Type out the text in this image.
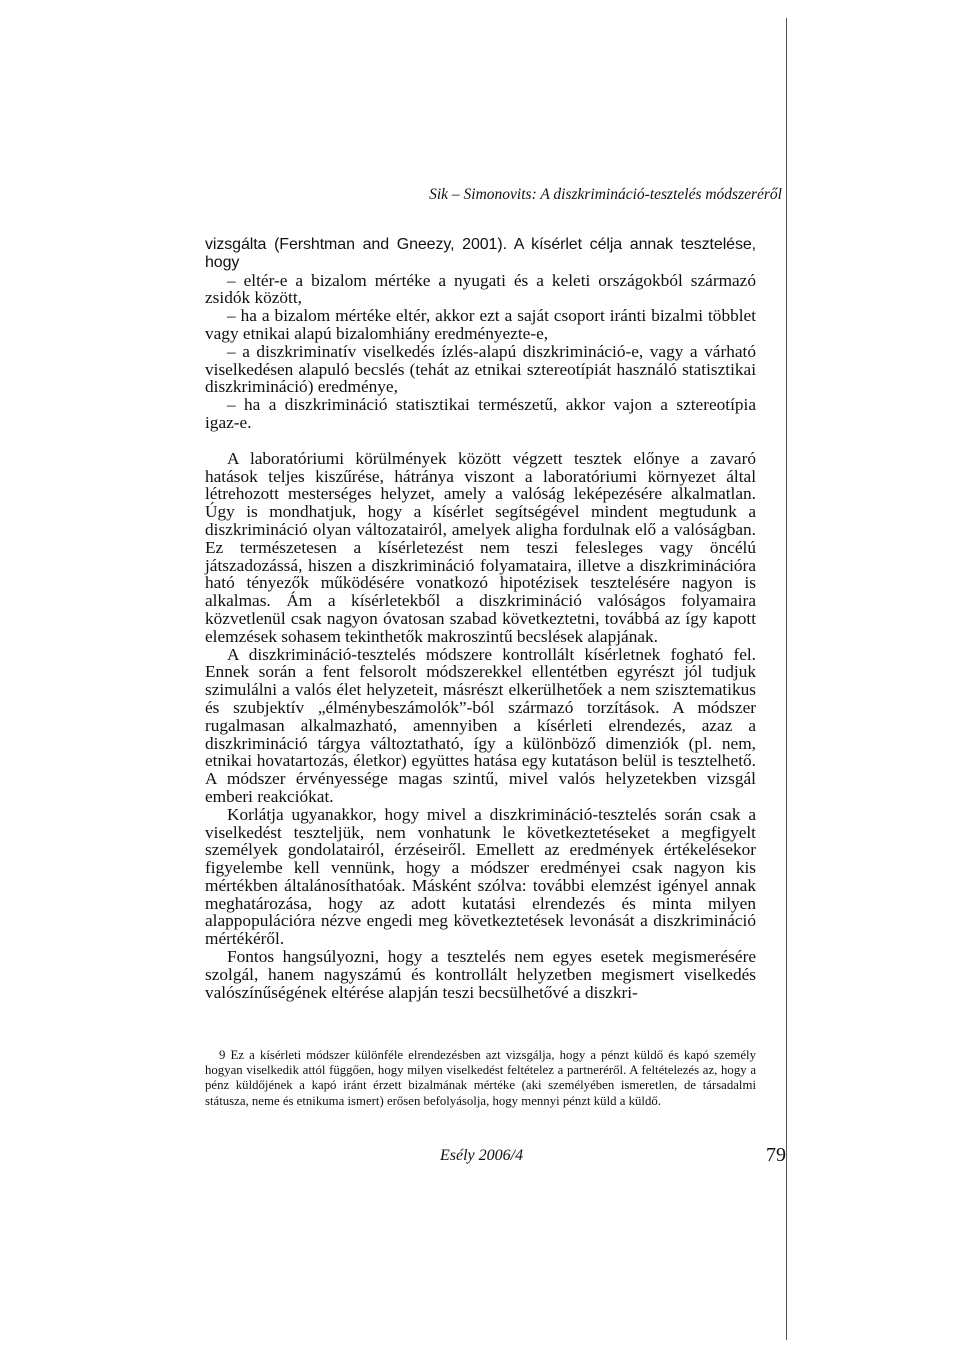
Sik – Simonovits: A diszkrimináció-tesztelés módszeréről

vizsgálta (Fershtman and Gneezy, 2001). A kísérlet célja annak tesztelése, hogy

– eltér-e a bizalom mértéke a nyugati és a keleti országokból származó zsidók között,

– ha a bizalom mértéke eltér, akkor ezt a saját csoport iránti bizalmi többlet vagy etnikai alapú bizalomhiány eredményezte-e,

– a diszkriminatív viselkedés ízlés-alapú diszkrimináció-e, vagy a várható viselkedésen alapuló becslés (tehát az etnikai sztereotípiát használó statisztikai diszkrimináció) eredménye,

– ha a diszkrimináció statisztikai természetű, akkor vajon a sztereotípia igaz-e.

A laboratóriumi körülmények között végzett tesztek előnye a zavaró hatások teljes kiszűrése, hátránya viszont a laboratóriumi környezet által létrehozott mesterséges helyzet, amely a valóság leképezésére alkalmatlan. Úgy is mondhatjuk, hogy a kísérlet segítségével mindent megtudunk a diszkrimináció olyan változatairól, amelyek aligha fordulnak elő a valóságban. Ez természetesen a kísérletezést nem teszi felesleges vagy öncélú játszadozássá, hiszen a diszkrimináció folyamataira, illetve a diszkriminációra ható tényezők működésére vonatkozó hipotézisek tesztelésére nagyon is alkalmas. Ám a kísérletekből a diszkrimináció valóságos folyamaira közvetlenül csak nagyon óvatosan szabad következtetni, továbbá az így kapott elemzések sohasem tekinthetők makroszintű becslések alapjának.

A diszkrimináció-tesztelés módszere kontrollált kísérletnek fogható fel. Ennek során a fent felsorolt módszerekkel ellentétben egyrészt jól tudjuk szimulálni a valós élet helyzeteit, másrészt elkerülhetőek a nem szisztematikus és szubjektív „élménybeszámolók”-ból származó torzítások. A módszer rugalmasan alkalmazható, amennyiben a kísérleti elrendezés, azaz a diszkrimináció tárgya változtatható, így a különböző dimenziók (pl. nem, etnikai hovatartozás, életkor) együttes hatása egy kutatáson belül is tesztelhető. A módszer érvényessége magas szintű, mivel valós helyzetekben vizsgál emberi reakciókat.

Korlátja ugyanakkor, hogy mivel a diszkrimináció-tesztelés során csak a viselkedést teszteljük, nem vonhatunk le következtetéseket a megfigyelt személyek gondolatairól, érzéseiről. Emellett az eredmények értékelésekor figyelembe kell vennünk, hogy a módszer eredményei csak nagyon kis mértékben általánosíthatóak. Másként szólva: további elemzést igényel annak meghatározása, hogy az adott kutatási elrendezés és minta milyen alappopulációra nézve engedi meg következtetések levonását a diszkrimináció mértékéről.

Fontos hangsúlyozni, hogy a tesztelés nem egyes esetek megismerésére szolgál, hanem nagyszámú és kontrollált helyzetben megismert viselkedés valószínűségének eltérése alapján teszi becsülhetővé a diszkri-

9 Ez a kísérleti módszer különféle elrendezésben azt vizsgálja, hogy a pénzt küldő és kapó személy hogyan viselkedik attól függően, hogy milyen viselkedést feltételez a partneréről. A feltételezés az, hogy a pénz küldőjének a kapó iránt érzett bizalmának mértéke (aki személyében ismeretlen, de társadalmi státusza, neme és etnikuma ismert) erősen befolyásolja, hogy mennyi pénzt küld a küldő.

Esély 2006/4	79
